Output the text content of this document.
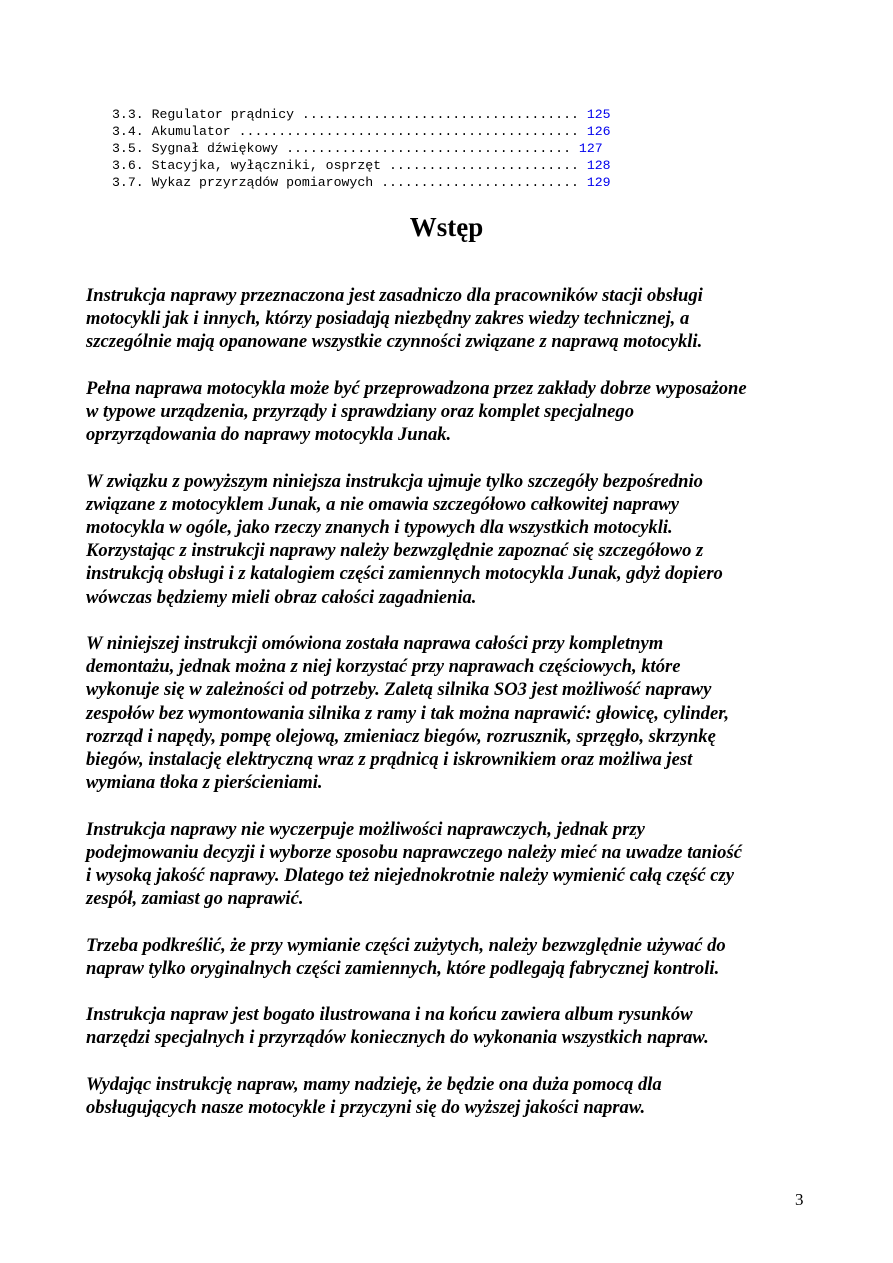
3.3. Regulator prądnicy ................................... 125
3.4. Akumulator ........................................... 126
3.5. Sygnał dźwiękowy .................................... 127
3.6. Stacyjka, wyłączniki, osprzęt ........................ 128
3.7. Wykaz przyrządów pomiarowych ......................... 129
Wstęp

Instrukcja naprawy przeznaczona jest zasadniczo dla pracowników stacji obsługi
motocykli jak i innych, którzy posiadają niezbędny zakres wiedzy technicznej, a
szczególnie mają opanowane wszystkie czynności związane z naprawą motocykli.

Pełna naprawa motocykla może być przeprowadzona przez zakłady dobrze wyposażone
w typowe urządzenia, przyrządy i sprawdziany oraz komplet specjalnego
oprzyrządowania do naprawy motocykla Junak.

W związku z powyższym niniejsza instrukcja ujmuje tylko szczegóły bezpośrednio
związane z motocyklem Junak, a nie omawia szczegółowo całkowitej naprawy
motocykla w ogóle, jako rzeczy znanych i typowych dla wszystkich motocykli.
Korzystając z instrukcji naprawy należy bezwzględnie zapoznać się szczegółowo z
instrukcją obsługi i z katalogiem części zamiennych motocykla Junak, gdyż dopiero
wówczas będziemy mieli obraz całości zagadnienia.

W niniejszej instrukcji omówiona została naprawa całości przy kompletnym
demontażu, jednak można z niej korzystać przy naprawach częściowych, które
wykonuje się w zależności od potrzeby. Zaletą silnika SO3 jest możliwość naprawy
zespołów bez wymontowania silnika z ramy i tak można naprawić: głowicę, cylinder,
rozrząd i napędy, pompę olejową, zmieniacz biegów, rozrusznik, sprzęgło, skrzynkę
biegów, instalację elektryczną wraz z prądnicą i iskrownikiem oraz możliwa jest
wymiana tłoka z pierścieniami.

Instrukcja naprawy nie wyczerpuje możliwości naprawczych, jednak przy
podejmowaniu decyzji i wyborze sposobu naprawczego należy mieć na uwadze taniość
i wysoką jakość naprawy. Dlatego też niejednokrotnie należy wymienić całą część czy
zespół, zamiast go naprawić.

Trzeba podkreślić, że przy wymianie części zużytych, należy bezwzględnie używać do
napraw tylko oryginalnych części zamiennych, które podlegają fabrycznej kontroli.

Instrukcja napraw jest bogato ilustrowana i na końcu zawiera album rysunków
narzędzi specjalnych i przyrządów koniecznych do wykonania wszystkich napraw.

Wydając instrukcję napraw, mamy nadzieję, że będzie ona duża pomocą dla
obsługujących nasze motocykle i przyczyni się do wyższej jakości napraw.

3
